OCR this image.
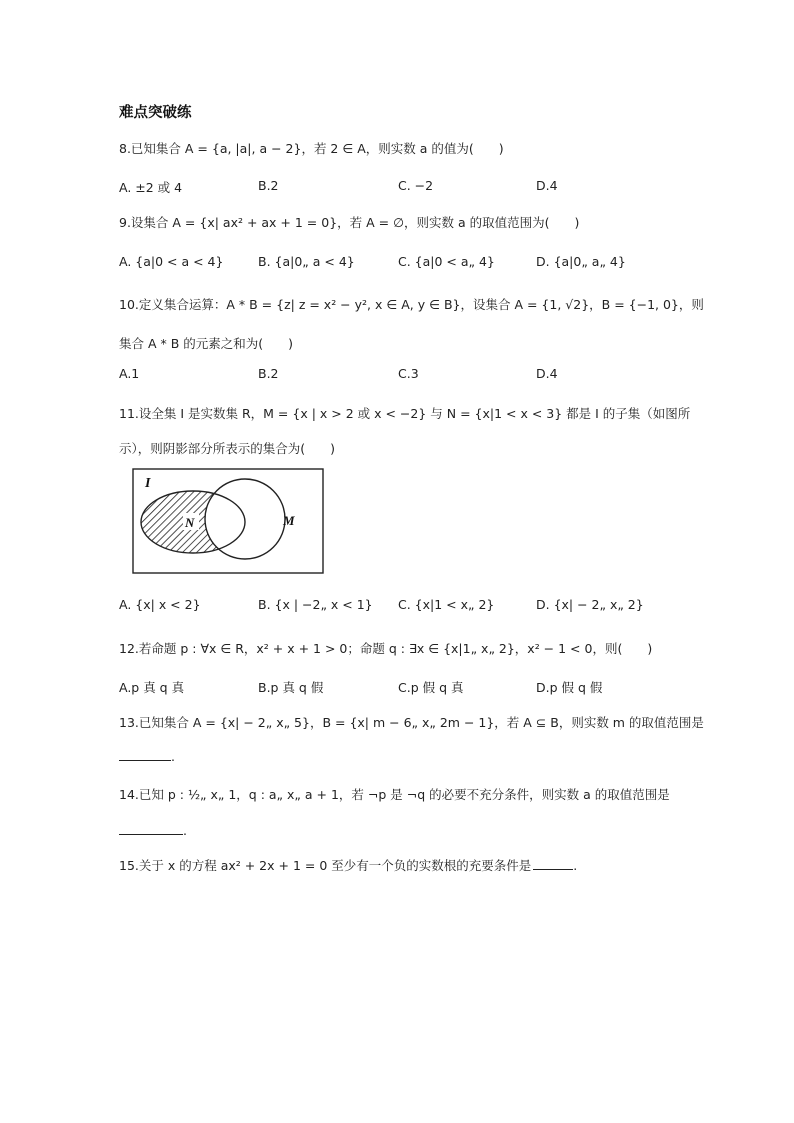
难点突破练
8.已知集合 A = {a, |a|, a − 2}，若 2 ∈ A，则实数 a 的值为(　　)
A. ±2 或 4	B.2	C. −2	D.4
9.设集合 A = {x| ax² + ax + 1 = 0}，若 A = ∅，则实数 a 的取值范围为(　　)
A. {a|0 < a < 4}	B. {a|0„ a < 4}	C. {a|0 < a„ 4}	D. {a|0„ a„ 4}
10.定义集合运算：A * B = {z| z = x² − y², x ∈ A, y ∈ B}，设集合 A = {1, √2}，B = {−1, 0}，则
集合 A * B 的元素之和为(　　)
A.1	B.2	C.3	D.4
11.设全集 I 是实数集 R，M = {x | x > 2 或 x < −2} 与 N = {x|1 < x < 3} 都是 I 的子集（如图所
示），则阴影部分所表示的集合为(　　)
I
N	M
A. {x| x < 2}	B. {x | −2„ x < 1} C. {x|1 < x„ 2}	D. {x| − 2„ x„ 2}
12.若命题 p : ∀x ∈ R，x² + x + 1 > 0；命题 q : ∃x ∈ {x|1„ x„ 2}，x² − 1 < 0，则(　　)
A.p 真 q 真	B.p 真 q 假	C.p 假 q 真	D.p 假 q 假
13.已知集合 A = {x| − 2„ x„ 5}，B = {x| m − 6„ x„ 2m − 1}，若 A ⊆ B，则实数 m 的取值范围是
.
14.已知 p : ½„ x„ 1，q : a„ x„ a + 1，若 ¬p 是 ¬q 的必要不充分条件，则实数 a 的取值范围是
.
15.关于 x 的方程 ax² + 2x + 1 = 0 至少有一个负的实数根的充要条件是	.
